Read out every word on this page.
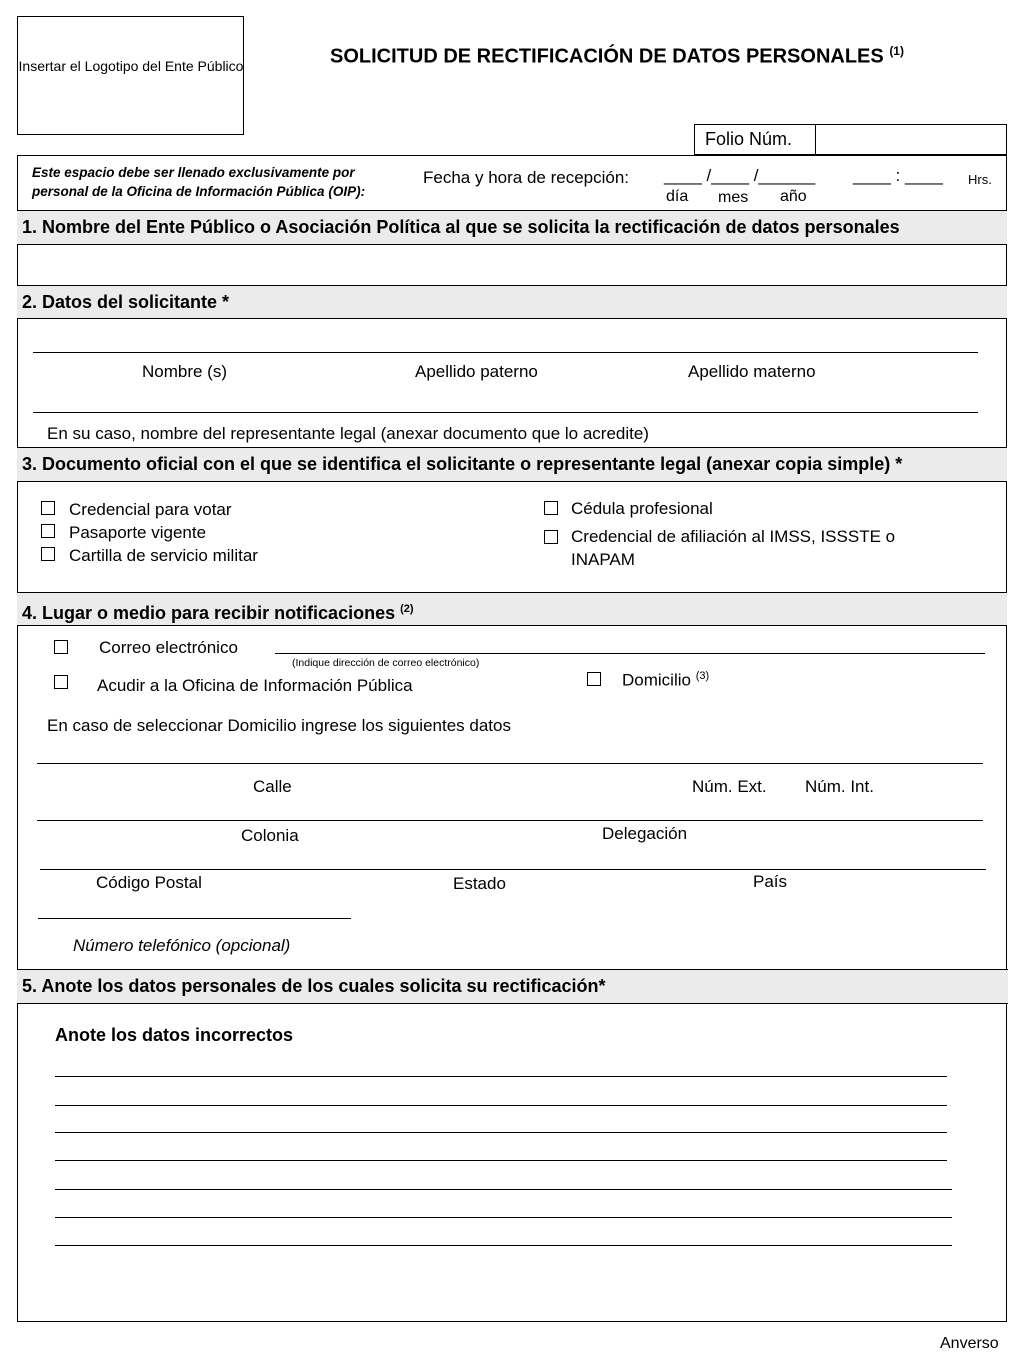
Insertar el Logotipo del Ente Público	SOLICITUD DE RECTIFICACIÓN DE DATOS PERSONALES $^{(1)}$
Folio Núm.
Este espacio debe ser llenado exclusivamente por
personal de la Oficina de Información Pública (OIP):
Fecha y hora de recepción: ____ /____ /______ ____ : ____ Hrs.
día mes año
1. Nombre del Ente Público o Asociación Política al que se solicita la rectificación de datos personales
2. Datos del solicitante *
Nombre (s)	Apellido paterno	Apellido materno
En su caso, nombre del representante legal (anexar documento que lo acredite)
3. Documento oficial con el que se identifica el solicitante o representante legal (anexar copia simple) *
Credencial para votar
Pasaporte vigente
Cartilla de servicio militar
Cédula profesional
Credencial de afiliación al IMSS, ISSSTE o
INAPAM
4. Lugar o medio para recibir notificaciones $^{(2)}$
Correo electrónico
(Indique dirección de correo electrónico)
Acudir a la Oficina de Información Pública	Domicilio $^{(3)}$
En caso de seleccionar Domicilio ingrese los siguientes datos
Calle	Núm. Ext. Núm. Int.
Colonia	Delegación
Código Postal	Estado	País
Número telefónico (opcional)
5. Anote los datos personales de los cuales solicita su rectificación*
Anote los datos incorrectos
Anverso
